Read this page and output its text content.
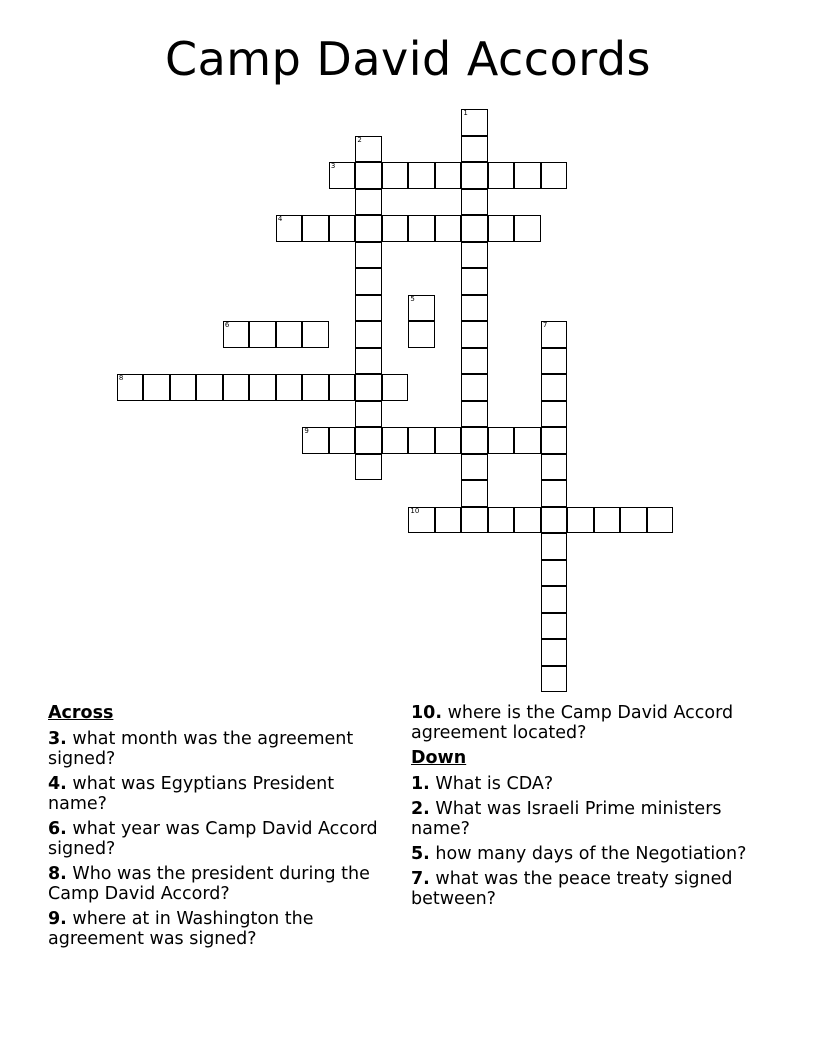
Camp David Accords
1
2
3
4
5
6	7
8
9
10
Across
3. what month was the agreement signed?
4. what was Egyptians President name?
6. what year was Camp David Accord signed?
8. Who was the president during the Camp David Accord?
9. where at in Washington the agreement was signed?
10. where is the Camp David Accord agreement located?
Down
1. What is CDA?
2. What was Israeli Prime ministers name?
5. how many days of the Negotiation?
7. what was the peace treaty signed between?
